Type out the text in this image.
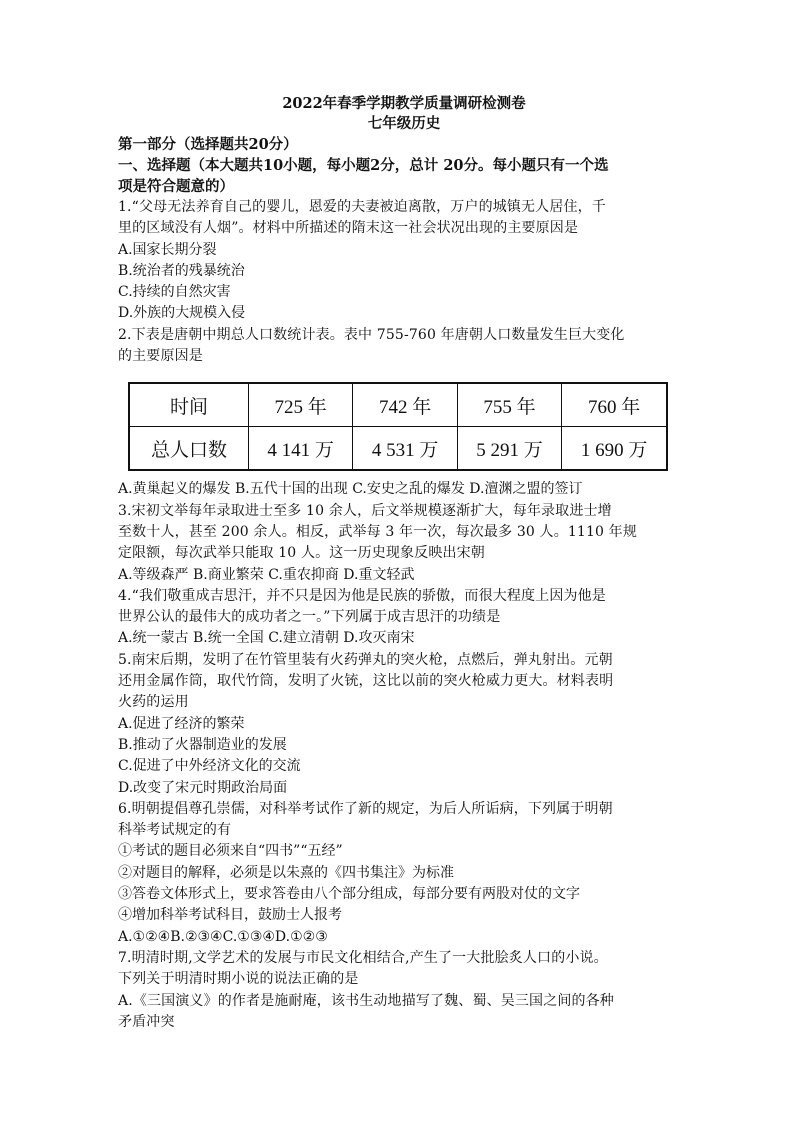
2022年春季学期教学质量调研检测卷
七年级历史
第一部分（选择题共20分）
一、选择题（本大题共10小题，每小题2分，总计 20分。每小题只有一个选
项是符合题意的）
1.“父母无法养育自己的婴儿，恩爱的夫妻被迫离散，万户的城镇无人居住，千
里的区域没有人烟”。材料中所描述的隋末这一社会状况出现的主要原因是
A.国家长期分裂
B.统治者的残暴统治
C.持续的自然灾害
D.外族的大规模入侵
2.下表是唐朝中期总人口数统计表。表中 755-760 年唐朝人口数量发生巨大变化
的主要原因是
时间	725 年	742 年	755 年	760 年
总人口数	4 141 万	4 531 万	5 291 万	1 690 万
A.黄巢起义的爆发 B.五代十国的出现 C.安史之乱的爆发 D.澶渊之盟的签订
3.宋初文举每年录取进士至多 10 余人，后文举规模逐渐扩大，每年录取进士增
至数十人，甚至 200 余人。相反，武举每 3 年一次，每次最多 30 人。1110 年规
定限额，每次武举只能取 10 人。这一历史现象反映出宋朝
A.等级森严 B.商业繁荣 C.重农抑商 D.重文轻武
4.“我们敬重成吉思汗，并不只是因为他是民族的骄傲，而很大程度上因为他是
世界公认的最伟大的成功者之一。”下列属于成吉思汗的功绩是
A.统一蒙古 B.统一全国 C.建立清朝 D.攻灭南宋
5.南宋后期，发明了在竹管里装有火药弹丸的突火枪，点燃后，弹丸射出。元朝
还用金属作筒，取代竹筒，发明了火铳，这比以前的突火枪威力更大。材料表明
火药的运用
A.促进了经济的繁荣
B.推动了火器制造业的发展
C.促进了中外经济文化的交流
D.改变了宋元时期政治局面
6.明朝提倡尊孔崇儒，对科举考试作了新的规定，为后人所诟病，下列属于明朝
科举考试规定的有
①考试的题目必须来自“四书”“五经”
②对题目的解释，必须是以朱熹的《四书集注》为标准
③答卷文体形式上，要求答卷由八个部分组成，每部分要有两股对仗的文字
④增加科举考试科目，鼓励士人报考
A.①②④B.②③④C.①③④D.①②③
7.明清时期,文学艺术的发展与市民文化相结合,产生了一大批脍炙人口的小说。
下列关于明清时期小说的说法正确的是
A.《三国演义》的作者是施耐庵，该书生动地描写了魏、蜀、吴三国之间的各种
矛盾冲突
